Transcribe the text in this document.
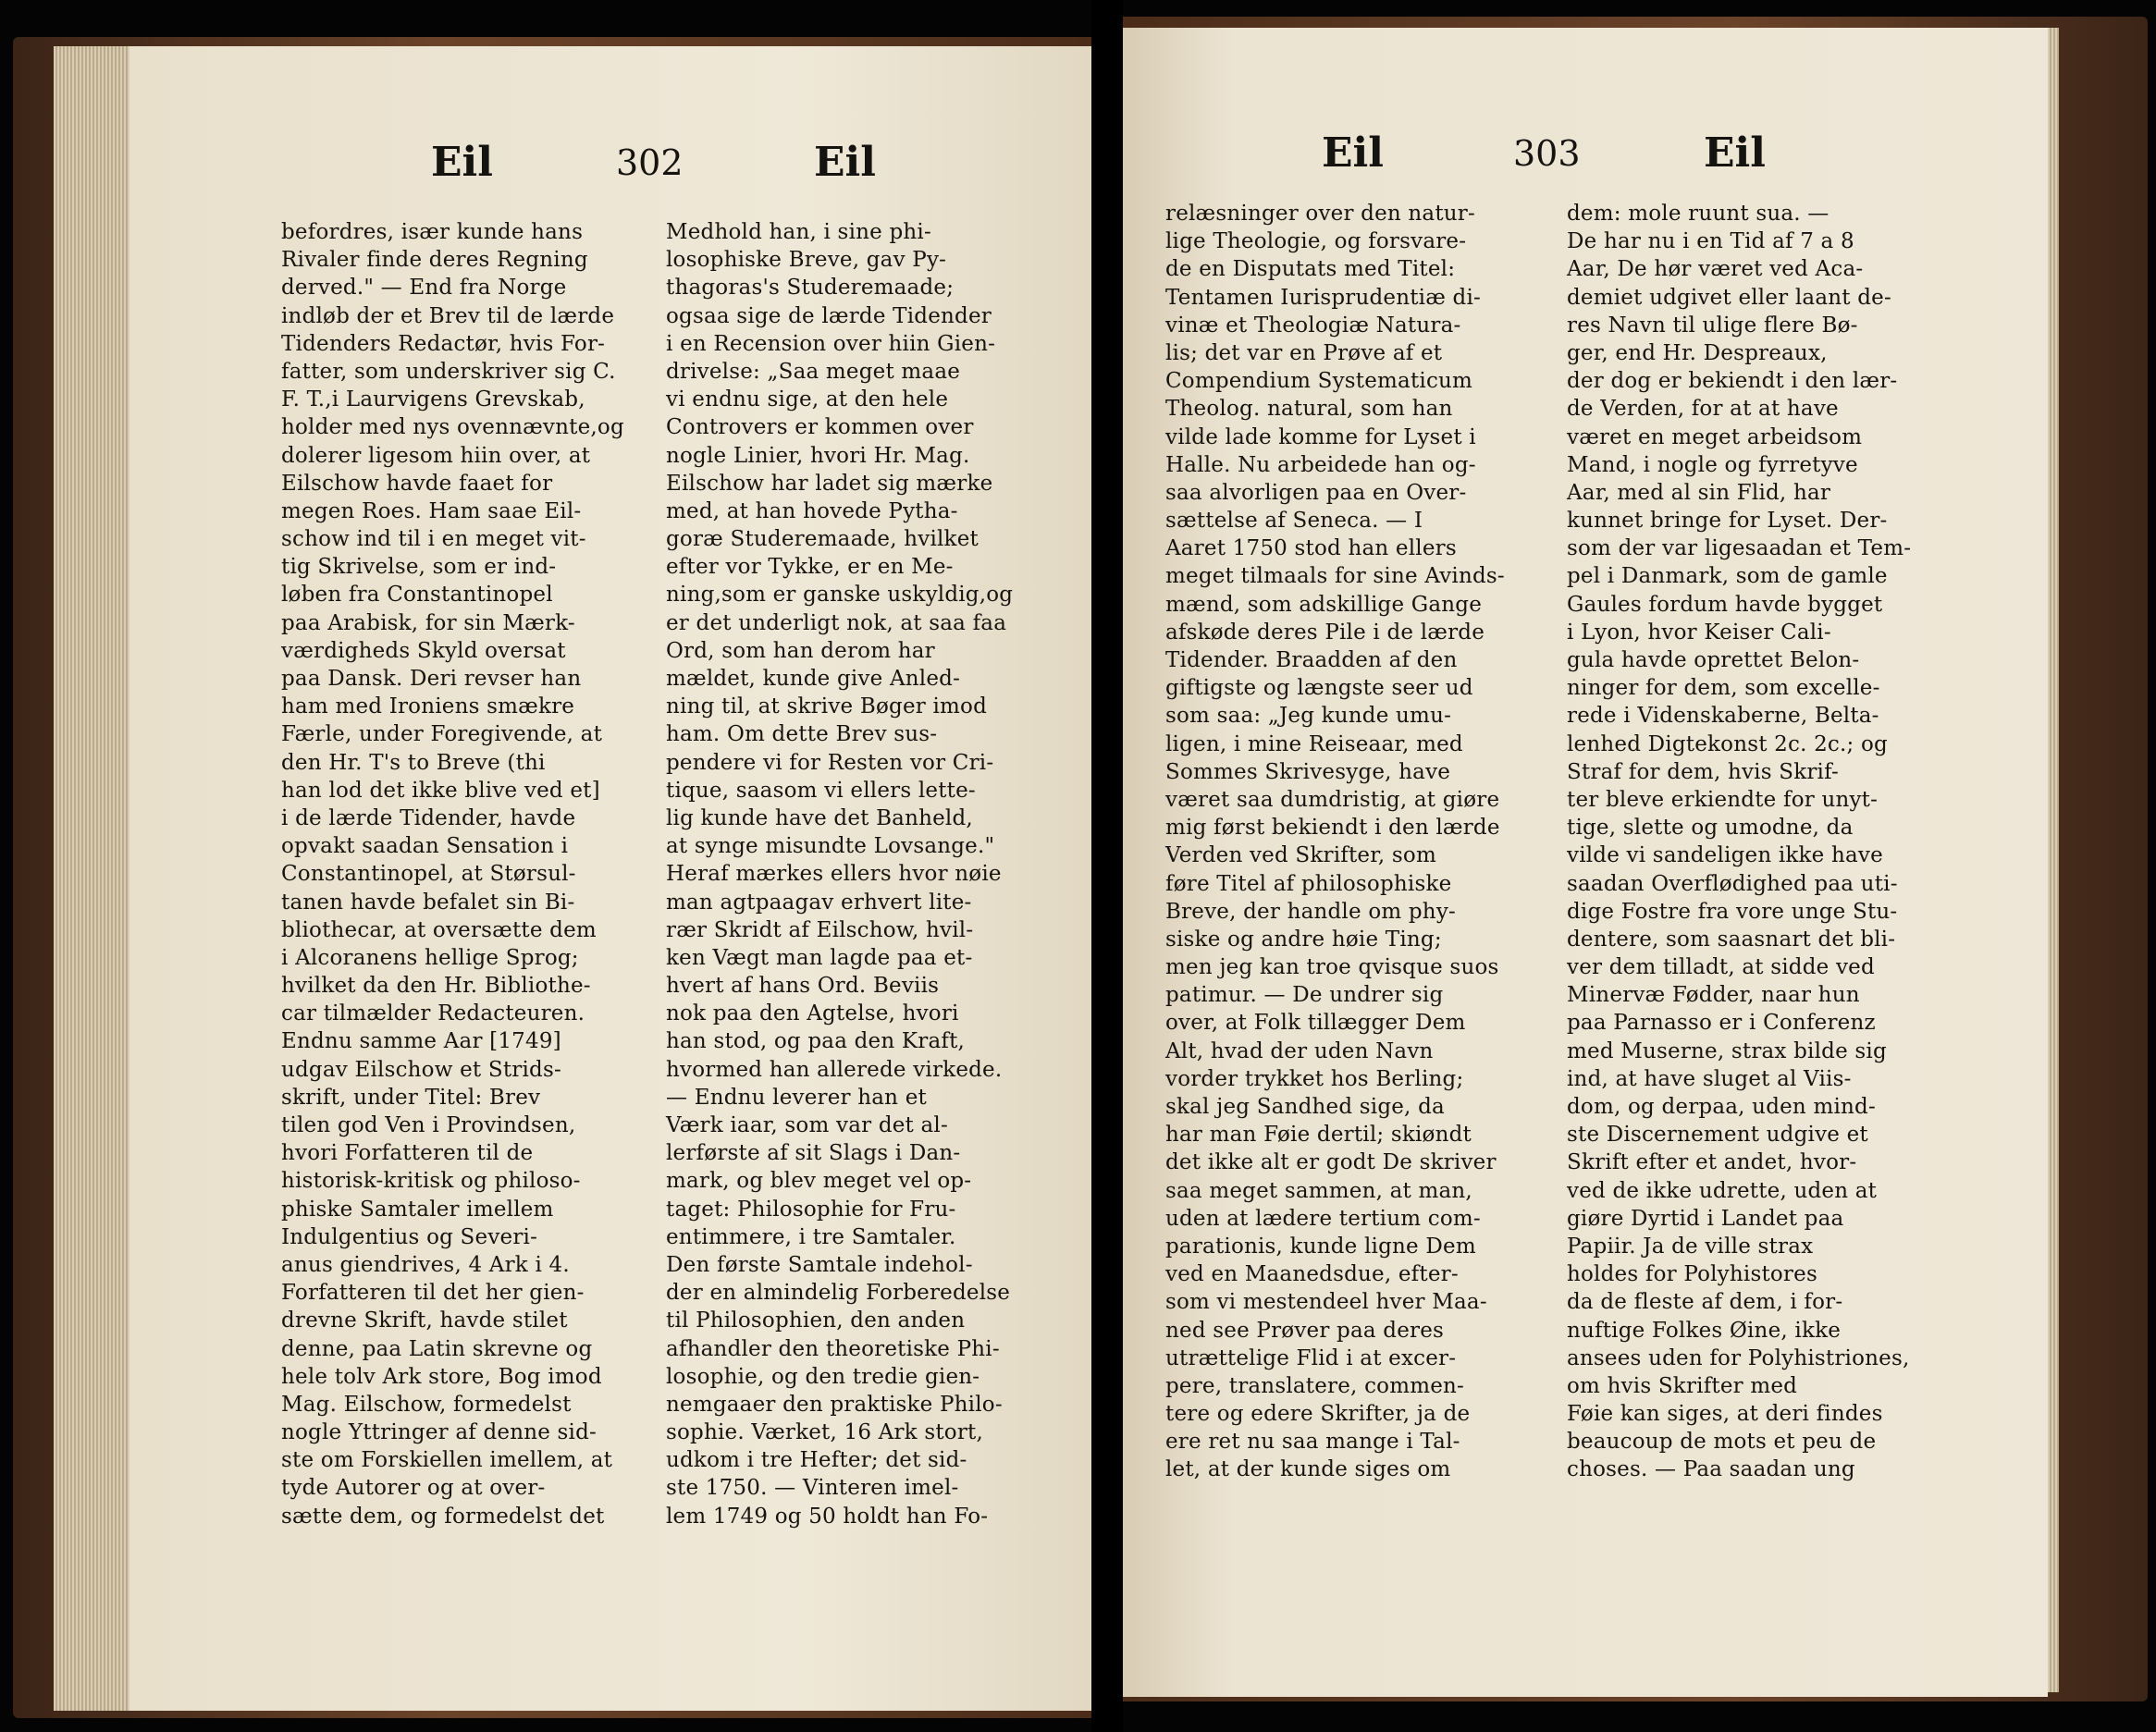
Eil	302	Eil
befordres, især kunde hans
Rivaler finde deres Regning
derved." — End fra Norge
indløb der et Brev til de lærde
Tidenders Redactør, hvis For-
fatter, som underskriver sig C.
F. T.,i Laurvigens Grevskab,
holder med nys ovennævnte,og
dolerer ligesom hiin over, at
Eilschow havde faaet for
megen Roes. Ham saae Eil-
schow ind til i en meget vit-
tig Skrivelse, som er ind-
løben fra Constantinopel
paa Arabisk, for sin Mærk-
værdigheds Skyld oversat
paa Dansk. Deri revser han
ham med Ironiens smækre
Færle, under Foregivende, at
den Hr. T's to Breve (thi
han lod det ikke blive ved et]
i de lærde Tidender, havde
opvakt saadan Sensation i
Constantinopel, at Størsul-
tanen havde befalet sin Bi-
bliothecar, at oversætte dem
i Alcoranens hellige Sprog;
hvilket da den Hr. Bibliothe-
car tilmælder Redacteuren.
Endnu samme Aar [1749]
udgav Eilschow et Strids-
skrift, under Titel: Brev
tilen god Ven i Provindsen,
hvori Forfatteren til de
historisk-kritisk og philoso-
phiske Samtaler imellem
Indulgentius og Severi-
anus giendrives, 4 Ark i 4.
Forfatteren til det her gien-
drevne Skrift, havde stilet
denne, paa Latin skrevne og
hele tolv Ark store, Bog imod
Mag. Eilschow, formedelst
nogle Yttringer af denne sid-
ste om Forskiellen imellem, at
tyde Autorer og at over-
sætte dem, og formedelst det
Medhold han, i sine phi-
losophiske Breve, gav Py-
thagoras's Studeremaade;
ogsaa sige de lærde Tidender
i en Recension over hiin Gien-
drivelse: „Saa meget maae
vi endnu sige, at den hele
Controvers er kommen over
nogle Linier, hvori Hr. Mag.
Eilschow har ladet sig mærke
med, at han hovede Pytha-
goræ Studeremaade, hvilket
efter vor Tykke, er en Me-
ning,som er ganske uskyldig,og
er det underligt nok, at saa faa
Ord, som han derom har
mældet, kunde give Anled-
ning til, at skrive Bøger imod
ham. Om dette Brev sus-
pendere vi for Resten vor Cri-
tique, saasom vi ellers lette-
lig kunde have det Banheld,
at synge misundte Lovsange."
Heraf mærkes ellers hvor nøie
man agtpaagav erhvert lite-
rær Skridt af Eilschow, hvil-
ken Vægt man lagde paa et-
hvert af hans Ord. Beviis
nok paa den Agtelse, hvori
han stod, og paa den Kraft,
hvormed han allerede virkede.
— Endnu leverer han et
Værk iaar, som var det al-
lerførste af sit Slags i Dan-
mark, og blev meget vel op-
taget: Philosophie for Fru-
entimmere, i tre Samtaler.
Den første Samtale indehol-
der en almindelig Forberedelse
til Philosophien, den anden
afhandler den theoretiske Phi-
losophie, og den tredie gien-
nemgaaer den praktiske Philo-
sophie. Værket, 16 Ark stort,
udkom i tre Hefter; det sid-
ste 1750. — Vinteren imel-
lem 1749 og 50 holdt han Fo-
Eil	303	Eil
relæsninger over den natur-
lige Theologie, og forsvare-
de en Disputats med Titel:
Tentamen Iurisprudentiæ di-
vinæ et Theologiæ Natura-
lis; det var en Prøve af et
Compendium Systematicum
Theolog. natural, som han
vilde lade komme for Lyset i
Halle. Nu arbeidede han og-
saa alvorligen paa en Over-
sættelse af Seneca. — I
Aaret 1750 stod han ellers
meget tilmaals for sine Avinds-
mænd, som adskillige Gange
afskøde deres Pile i de lærde
Tidender. Braadden af den
giftigste og længste seer ud
som saa: „Jeg kunde umu-
ligen, i mine Reiseaar, med
Sommes Skrivesyge, have
været saa dumdristig, at giøre
mig først bekiendt i den lærde
Verden ved Skrifter, som
føre Titel af philosophiske
Breve, der handle om phy-
siske og andre høie Ting;
men jeg kan troe qvisque suos
patimur. — De undrer sig
over, at Folk tillægger Dem
Alt, hvad der uden Navn
vorder trykket hos Berling;
skal jeg Sandhed sige, da
har man Føie dertil; skiøndt
det ikke alt er godt De skriver
saa meget sammen, at man,
uden at lædere tertium com-
parationis, kunde ligne Dem
ved en Maanedsdue, efter-
som vi mestendeel hver Maa-
ned see Prøver paa deres
utrættelige Flid i at excer-
pere, translatere, commen-
tere og edere Skrifter, ja de
ere ret nu saa mange i Tal-
let, at der kunde siges om
dem: mole ruunt sua. —
De har nu i en Tid af 7 a 8
Aar, De hør været ved Aca-
demiet udgivet eller laant de-
res Navn til ulige flere Bø-
ger, end Hr. Despreaux,
der dog er bekiendt i den lær-
de Verden, for at at have
været en meget arbeidsom
Mand, i nogle og fyrretyve
Aar, med al sin Flid, har
kunnet bringe for Lyset. Der-
som der var ligesaadan et Tem-
pel i Danmark, som de gamle
Gaules fordum havde bygget
i Lyon, hvor Keiser Cali-
gula havde oprettet Belon-
ninger for dem, som excelle-
rede i Videnskaberne, Belta-
lenhed Digtekonst 2c. 2c.; og
Straf for dem, hvis Skrif-
ter bleve erkiendte for unyt-
tige, slette og umodne, da
vilde vi sandeligen ikke have
saadan Overflødighed paa uti-
dige Fostre fra vore unge Stu-
dentere, som saasnart det bli-
ver dem tilladt, at sidde ved
Minervæ Fødder, naar hun
paa Parnasso er i Conferenz
med Muserne, strax bilde sig
ind, at have sluget al Viis-
dom, og derpaa, uden mind-
ste Discernement udgive et
Skrift efter et andet, hvor-
ved de ikke udrette, uden at
giøre Dyrtid i Landet paa
Papiir. Ja de ville strax
holdes for Polyhistores
da de fleste af dem, i for-
nuftige Folkes Øine, ikke
ansees uden for Polyhistriones,
om hvis Skrifter med
Føie kan siges, at deri findes
beaucoup de mots et peu de
choses. — Paa saadan ung
